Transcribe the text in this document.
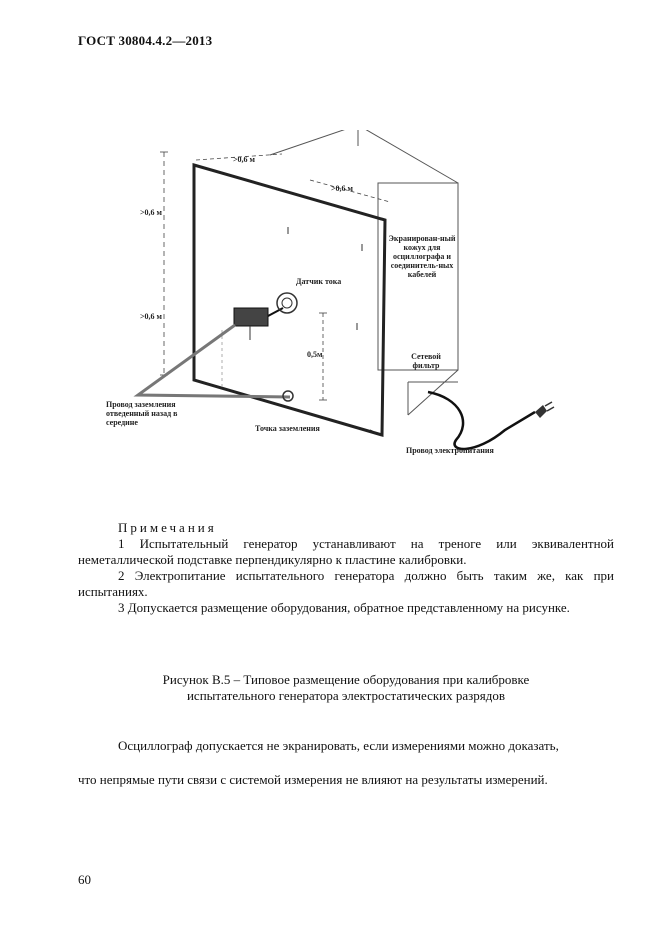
ГОСТ 30804.4.2—2013
>0,6 м
>0,6 м
>0,6 м
>0,6 м
Датчик тока
Экранирован-ный кожух для осциллографа и соединитель-ных кабелей
0,5м	Сетевой фильтр
Провод заземления отведенный назад в середине
Точка заземления
Провод электропитания
Примечания
1 Испытательный генератор устанавливают на треноге или эквивалентной неметаллической подставке перпендикулярно к пластине калибровки.
2 Электропитание испытательного генератора должно быть таким же, как при испытаниях.
3 Допускается размещение оборудования, обратное представленному на рисунке.
Рисунок В.5 – Типовое размещение оборудования при калибровке
испытательного генератора электростатических разрядов
Осциллограф допускается не экранировать, если измерениями можно доказать,
что непрямые пути связи с системой измерения не влияют на результаты измерений.
60
